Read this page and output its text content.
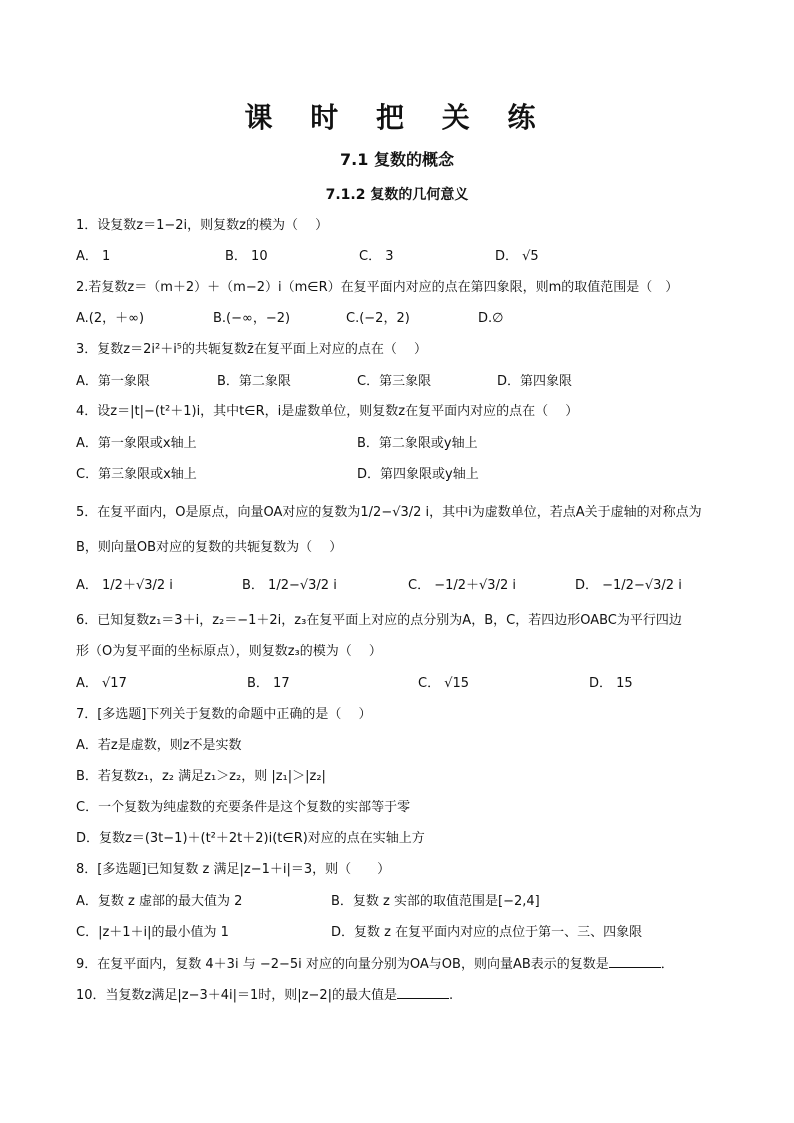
课 时 把 关 练
7.1 复数的概念
7.1.2 复数的几何意义
1．设复数z＝1−2i，则复数z的模为（　 ）
A． 1	B． 10	C． 3	D． √5
2.若复数z＝（m＋2）＋（m−2）i（m∈R）在复平面内对应的点在第四象限，则m的取值范围是（　）
A.(2，＋∞)	B.(−∞，−2)	C.(−2，2)	D.∅
3．复数z＝2i²＋i⁵的共轭复数z̄在复平面上对应的点在（　 ）
A．第一象限	B．第二象限	C．第三象限	D．第四象限
4．设z＝|t|−(t²＋1)i，其中t∈R，i是虚数单位，则复数z在复平面内对应的点在（　 ）
A．第一象限或x轴上	B．第二象限或y轴上
C．第三象限或x轴上	D．第四象限或y轴上
5．在复平面内，O是原点，向量OA对应的复数为1/2−√3/2 i，其中i为虚数单位，若点A关于虚轴的对称点为
B，则向量OB对应的复数的共轭复数为（　 ）
A． 1/2＋√3/2 i	B． 1/2−√3/2 i	C． −1/2＋√3/2 i	D． −1/2−√3/2 i
6．已知复数z₁＝3＋i，z₂＝−1＋2i，z₃在复平面上对应的点分别为A，B，C，若四边形OABC为平行四边
形（O为复平面的坐标原点），则复数z₃的模为（　 ）
A． √17	B． 17	C． √15	D． 15
7．[多选题]下列关于复数的命题中正确的是（　 ）
A．若z是虚数，则z不是实数
B．若复数z₁，z₂ 满足z₁＞z₂，则 |z₁|＞|z₂|
C．一个复数为纯虚数的充要条件是这个复数的实部等于零
D．复数z＝(3t−1)＋(t²＋2t＋2)i(t∈R)对应的点在实轴上方
8．[多选题]已知复数 z 满足|z−1＋i|＝3，则（　　）
A．复数 z 虚部的最大值为 2	B．复数 z 实部的取值范围是[−2,4]
C．|z＋1＋i|的最小值为 1	D．复数 z 在复平面内对应的点位于第一、三、四象限
9．在复平面内，复数 4＋3i 与 −2−5i 对应的向量分别为OA与OB，则向量AB表示的复数是	．
10．当复数z满足|z−3＋4i|＝1时，则|z−2|的最大值是	.
